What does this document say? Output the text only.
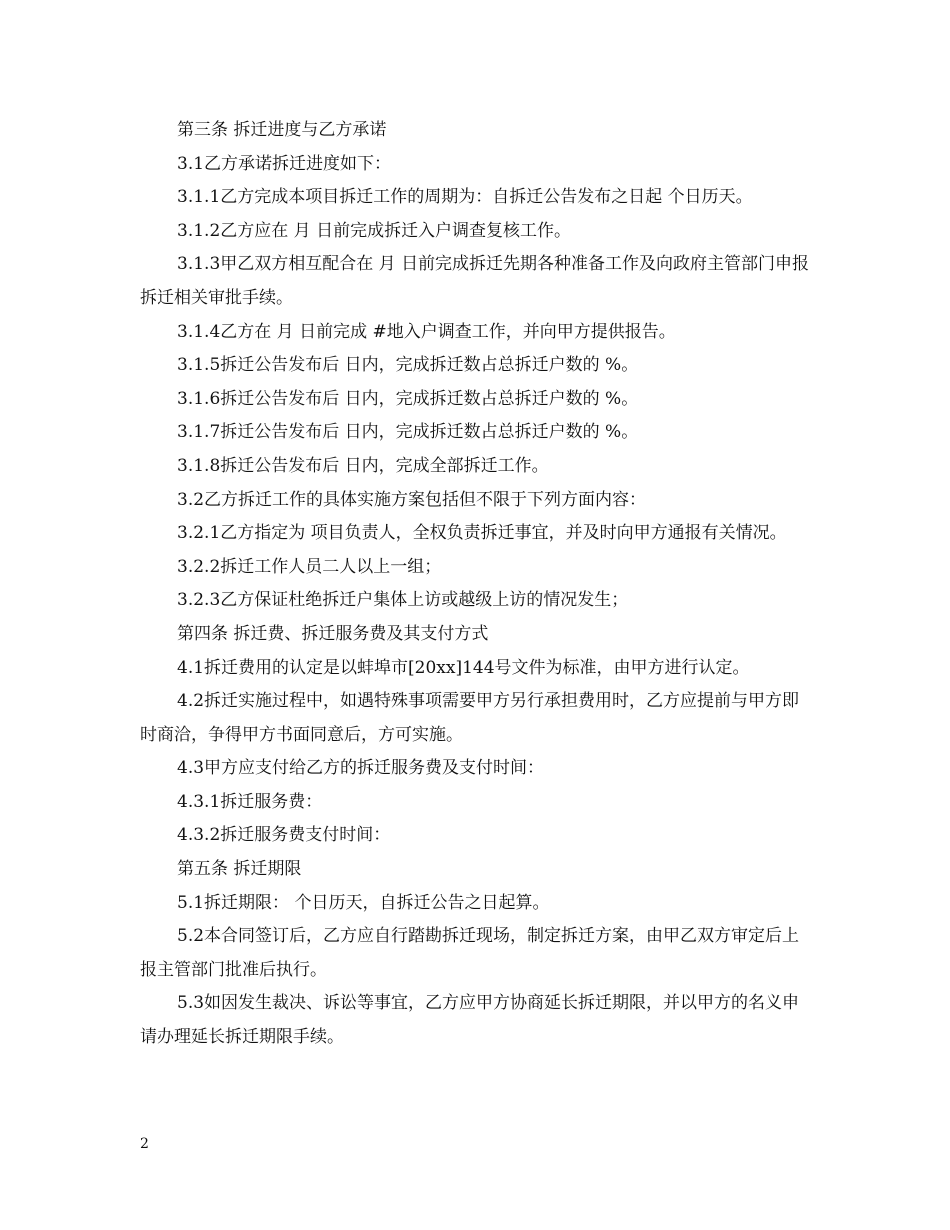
第三条 拆迁进度与乙方承诺

3.1乙方承诺拆迁进度如下：

3.1.1乙方完成本项目拆迁工作的周期为：自拆迁公告发布之日起 个日历天。

3.1.2乙方应在 月 日前完成拆迁入户调查复核工作。

3.1.3甲乙双方相互配合在 月 日前完成拆迁先期各种准备工作及向政府主管部门申报拆迁相关审批手续。

3.1.4乙方在 月 日前完成 #地入户调查工作，并向甲方提供报告。

3.1.5拆迁公告发布后 日内，完成拆迁数占总拆迁户数的 %。

3.1.6拆迁公告发布后 日内，完成拆迁数占总拆迁户数的 %。

3.1.7拆迁公告发布后 日内，完成拆迁数占总拆迁户数的 %。

3.1.8拆迁公告发布后 日内，完成全部拆迁工作。

3.2乙方拆迁工作的具体实施方案包括但不限于下列方面内容：

3.2.1乙方指定为 项目负责人，全权负责拆迁事宜，并及时向甲方通报有关情况。

3.2.2拆迁工作人员二人以上一组；

3.2.3乙方保证杜绝拆迁户集体上访或越级上访的情况发生；

第四条 拆迁费、拆迁服务费及其支付方式

4.1拆迁费用的认定是以蚌埠市[20xx]144号文件为标准，由甲方进行认定。

4.2拆迁实施过程中，如遇特殊事项需要甲方另行承担费用时，乙方应提前与甲方即时商洽，争得甲方书面同意后，方可实施。

4.3甲方应支付给乙方的拆迁服务费及支付时间：

4.3.1拆迁服务费：

4.3.2拆迁服务费支付时间：

第五条 拆迁期限

5.1拆迁期限： 个日历天，自拆迁公告之日起算。

5.2本合同签订后，乙方应自行踏勘拆迁现场，制定拆迁方案，由甲乙双方审定后上报主管部门批准后执行。

5.3如因发生裁决、诉讼等事宜，乙方应甲方协商延长拆迁期限，并以甲方的名义申请办理延长拆迁期限手续。

2
